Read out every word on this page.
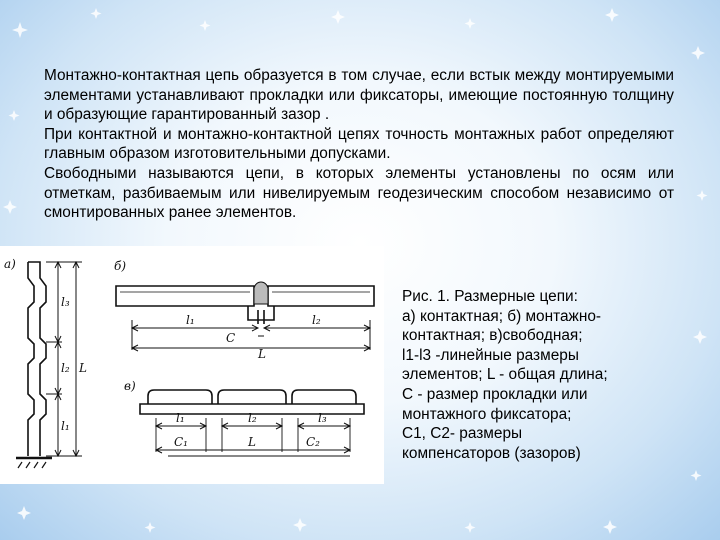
Монтажно-контактная цепь образуется в том случае, если встык между монтируемыми элементами устанавливают прокладки или фиксаторы, имеющие постоянную толщину и образующие гарантированный зазор .
При контактной и монтажно-контактной цепях точность монтажных работ определяют главным образом изготовительными допусками.
Свободными называются цепи, в которых элементы установлены по осям или отметкам, разбиваемым или нивелируемым геодезическим способом независимо от смонтированных ранее элементов.
а)	б)
в)
l₃
l₂
l₁
L
l₁	l₂
C
L
l₁	l₂	l₃
C₁	L	C₂
Рис. 1. Размерные цепи:
а) контактная; б) монтажно-
контактная; в)свободная;
l1-l3 -линейные размеры
элементов; L - общая длина;
C - размер прокладки или
монтажного фиксатора;
C1, C2- размеры
компенсаторов (зазоров)
